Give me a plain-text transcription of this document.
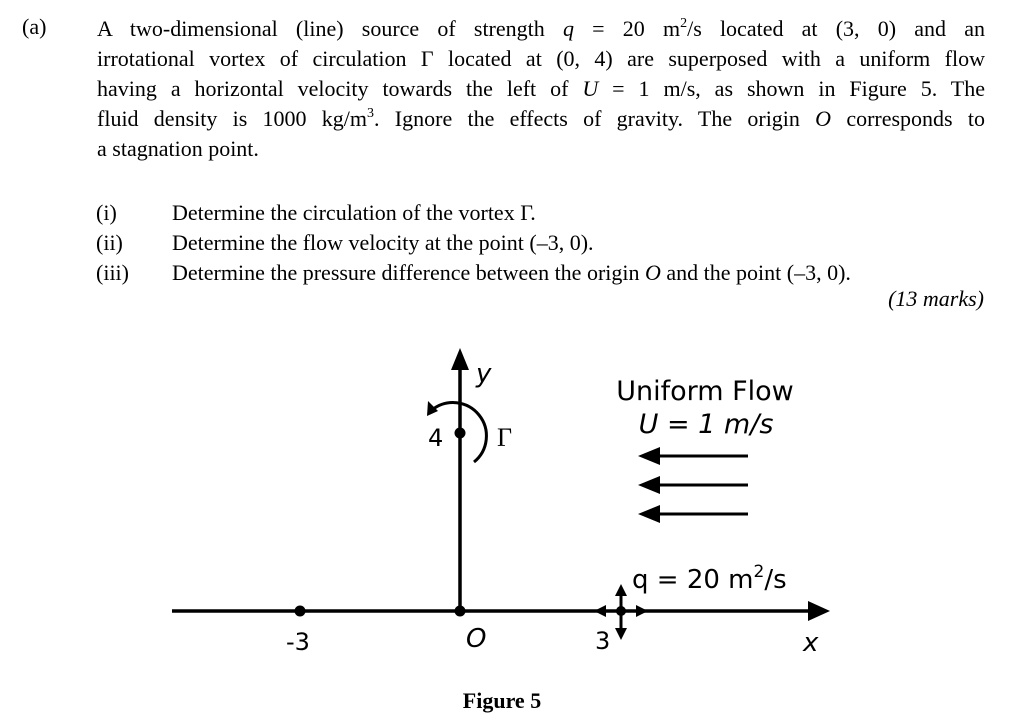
(a) A two-dimensional (line) source of strength q = 20 $m^2/s$ located at (3, 0) and an
irrotational vortex of circulation Γ located at (0, 4) are superposed with a uniform flow
having a horizontal velocity towards the left of U = 1 m/s, as shown in Figure 5. The
fluid density is 1000 $kg/m^3$. Ignore the effects of gravity. The origin O corresponds to
a stagnation point.
(i)	Determine the circulation of the vortex Γ.
(ii) Determine the flow velocity at the point (–3, 0).
(iii) Determine the pressure difference between the origin O and the point (–3, 0).
(13 marks)
y
x
4 Γ
O
-3	3
Uniform Flow
U = 1 m/s
q = 20 $m^2/s$
Figure 5
